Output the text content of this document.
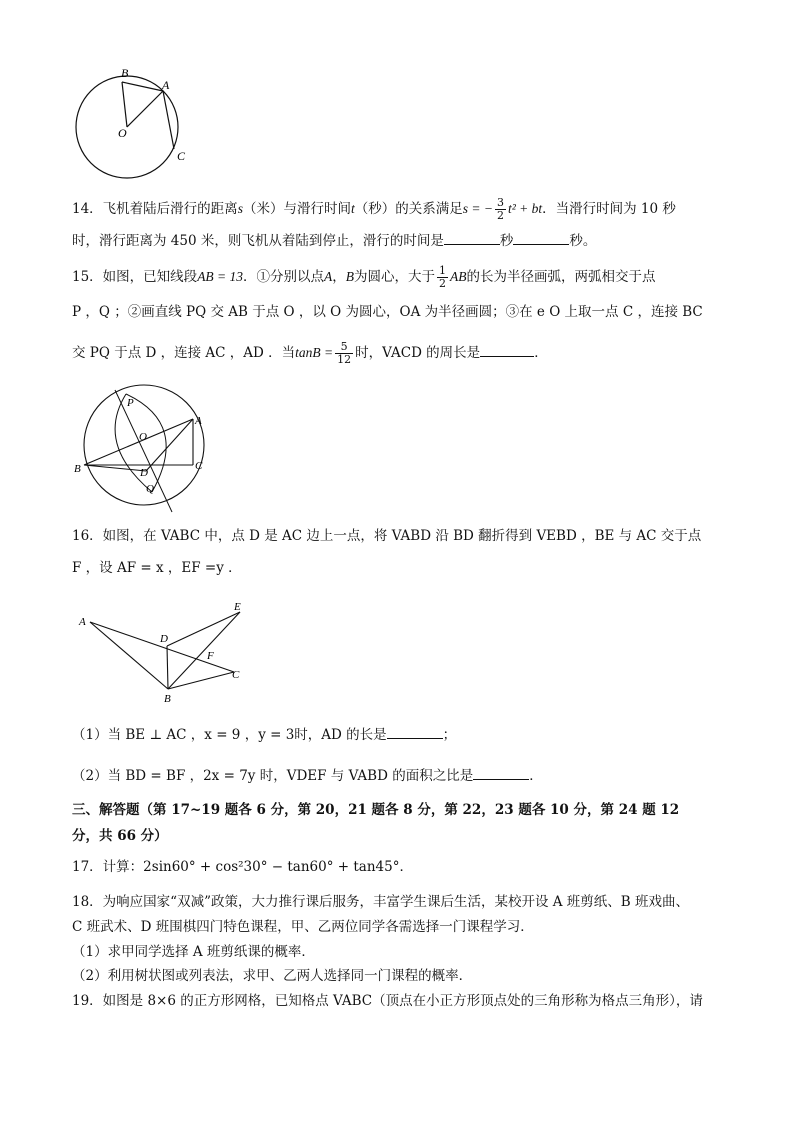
B
A
O
C
14．飞机着陆后滑行的距离s（米）与滑行时间t（秒）的关系满足s = − $\frac{3}{2} t^2$ + bt．当滑行时间为 10 秒
时，滑行距离为 450 米，则飞机从着陆到停止，滑行的时间是	秒	秒。
15．如图，已知线段AB = 13．①分别以点A，B为圆心，大于 $\frac{1}{2}$ AB的长为半径画弧，两弧相交于点
P ，Q ；②画直线 PQ 交 AB 于点 O ，以 O 为圆心，OA 为半径画圆；③在 e O 上取一点 C ，连接 BC
交 PQ 于点 D ，连接 AC ，AD ．当$\tan B = \frac{5}{12}$ 时，VACD 的周长是	．
P
A
O
B	C
D
Q
16．如图，在 VABC 中，点 D 是 AC 边上一点，将 VABD 沿 BD 翻折得到 VEBD ，BE 与 AC 交于点
F ，设 AF = x ，EF =y ．
A
E
D
F
C
B
（1）当 BE ⊥ AC ，x = 9 ，y = 3时，AD 的长是	；
（2）当 BD = BF ，2x = 7y 时，VDEF 与 VABD 的面积之比是	．
三、解答题（第 17~19 题各 6 分，第 20，21 题各 8 分，第 22，23 题各 10 分，第 24 题 12
分，共 66 分）
17．计算：2sin60° + cos²30° − tan60° + tan45°．
18．为响应国家“双减”政策，大力推行课后服务，丰富学生课后生活，某校开设 A 班剪纸、B 班戏曲、
C 班武术、D 班围棋四门特色课程，甲、乙两位同学各需选择一门课程学习．
（1）求甲同学选择 A 班剪纸课的概率．
（2）利用树状图或列表法，求甲、乙两人选择同一门课程的概率．
19．如图是 8×6 的正方形网格，已知格点 VABC（顶点在小正方形顶点处的三角形称为格点三角形），请
